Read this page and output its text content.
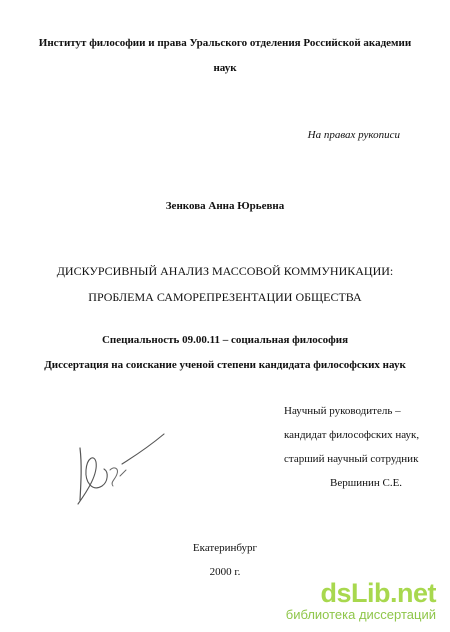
Институт философии и права Уральского отделения Российской академии
наук
На правах рукописи
Зенкова Анна Юрьевна
ДИСКУРСИВНЫЙ АНАЛИЗ МАССОВОЙ КОММУНИКАЦИИ:
ПРОБЛЕМА САМОРЕПРЕЗЕНТАЦИИ ОБЩЕСТВА
Специальность 09.00.11 – социальная философия
Диссертация на соискание ученой степени кандидата философских наук
Научный руководитель –
кандидат философских наук,
старший научный сотрудник
Вершинин С.Е.
Екатеринбург
2000 г.
dsLib.net
библиотека диссертаций
